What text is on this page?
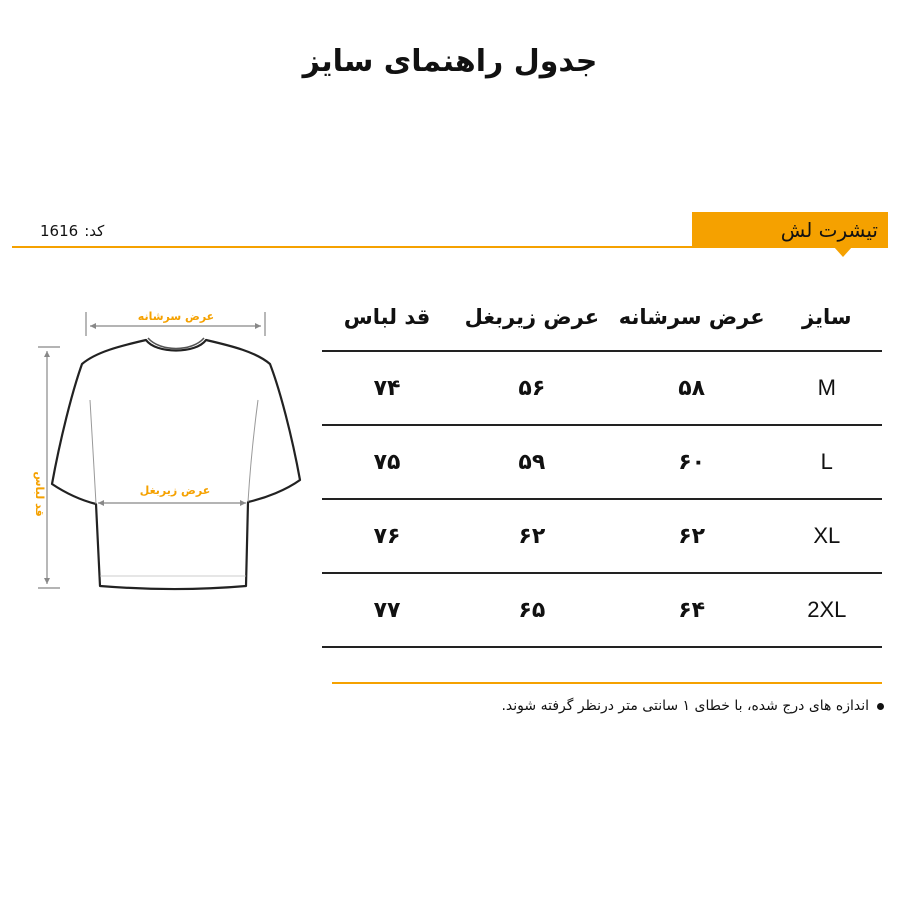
جدول راهنمای سایز
کد:
1616	تیشرت لش
عرض سرشانه
قد لباس	عرض زیربغل
سایز	عرض سرشانه	عرض زیربغل	قد لباس
M	۵۸	۵۶	۷۴
L	۶۰	۵۹	۷۵
XL	۶۲	۶۲	۷۶
2XL	۶۴	۶۵	۷۷
اندازه های درج شده، با خطای ۱ سانتی متر درنظر گرفته شوند.
